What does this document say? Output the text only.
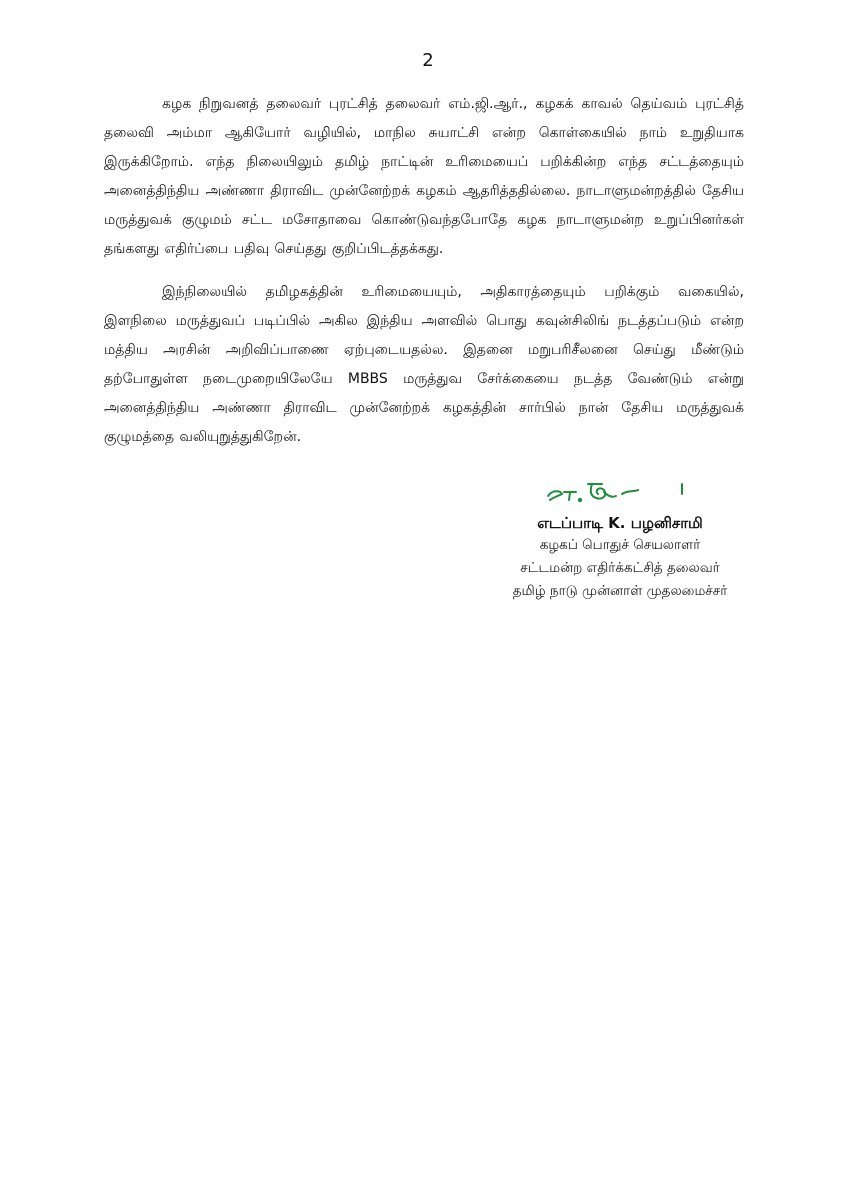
2

கழக நிறுவனத் தலைவர் புரட்சித் தலைவர் எம்.ஜி.ஆர்., கழகக் காவல் தெய்வம் புரட்சித் தலைவி அம்மா ஆகியோர் வழியில், மாநில சுயாட்சி என்ற கொள்கையில் நாம் உறுதியாக இருக்கிறோம். எந்த நிலையிலும் தமிழ் நாட்டின் உரிமையைப் பறிக்கின்ற எந்த சட்டத்தையும் அனைத்திந்திய அண்ணா திராவிட முன்னேற்றக் கழகம் ஆதரித்ததில்லை. நாடாளுமன்றத்தில் தேசிய மருத்துவக் குழுமம் சட்ட மசோதாவை கொண்டுவந்தபோதே கழக நாடாளுமன்ற உறுப்பினர்கள் தங்களது எதிர்ப்பை பதிவு செய்தது குறிப்பிடத்தக்கது.

இந்நிலையில் தமிழகத்தின் உரிமையையும், அதிகாரத்தையும் பறிக்கும் வகையில், இளநிலை மருத்துவப் படிப்பில் அகில இந்திய அளவில் பொது கவுன்சிலிங் நடத்தப்படும் என்ற மத்திய அரசின் அறிவிப்பாணை ஏற்புடையதல்ல. இதனை மறுபரிசீலனை செய்து மீண்டும் தற்போதுள்ள நடைமுறையிலேயே MBBS மருத்துவ சேர்க்கையை நடத்த வேண்டும் என்று அனைத்திந்திய அண்ணா திராவிட முன்னேற்றக் கழகத்தின் சார்பில் நான் தேசிய மருத்துவக் குழுமத்தை வலியுறுத்துகிறேன்.

எடப்பாடி K. பழனிசாமி
கழகப் பொதுச் செயலாளர்
சட்டமன்ற எதிர்க்கட்சித் தலைவர்
தமிழ் நாடு முன்னாள் முதலமைச்சர்
